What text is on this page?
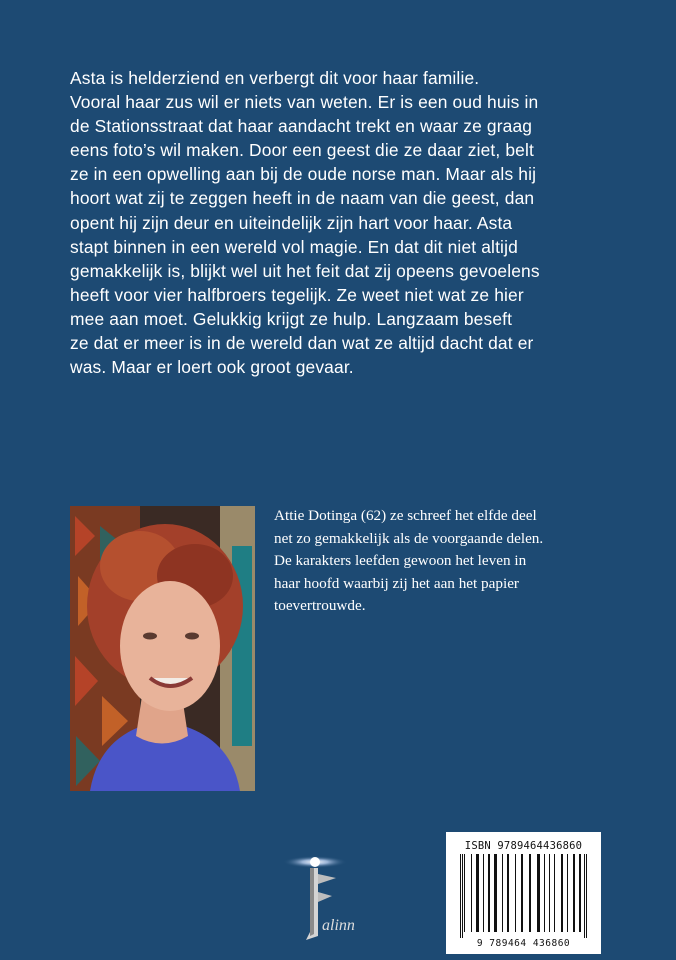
Asta is helderziend en verbergt dit voor haar familie.

Vooral haar zus wil er niets van weten. Er is een oud huis in

de Stationsstraat dat haar aandacht trekt en waar ze graag

eens foto’s wil maken. Door een geest die ze daar ziet, belt

ze in een opwelling aan bij de oude norse man. Maar als hij

hoort wat zij te zeggen heeft in de naam van die geest, dan

opent hij zijn deur en uiteindelijk zijn hart voor haar. Asta

stapt binnen in een wereld vol magie. En dat dit niet altijd

gemakkelijk is, blijkt wel uit het feit dat zij opeens gevoelens

heeft voor vier halfbroers tegelijk. Ze weet niet wat ze hier

mee aan moet. Gelukkig krijgt ze hulp. Langzaam beseft

ze dat er meer is in de wereld dan wat ze altijd dacht dat er

was. Maar er loert ook groot gevaar.

Attie Dotinga (62) ze schreef het elfde deel
net zo gemakkelijk als de voorgaande delen.
De karakters leefden gewoon het leven in
haar hoofd waarbij zij het aan het papier
toevertrouwde.
alinn
ISBN 9789464436860
9 789464 436860
